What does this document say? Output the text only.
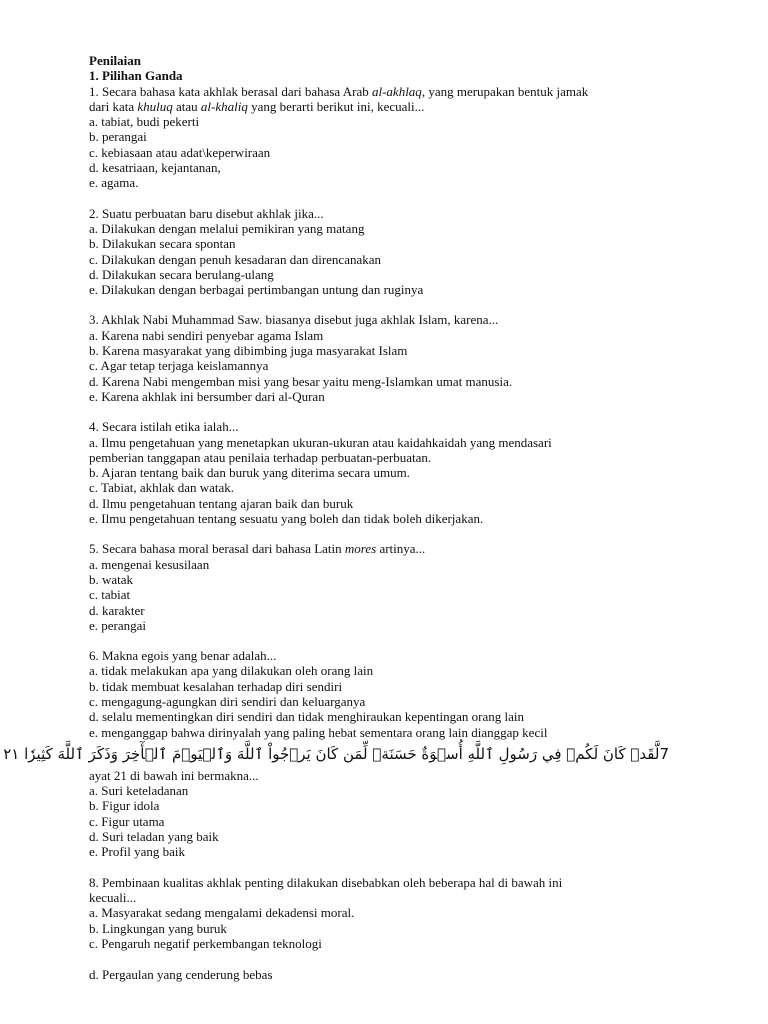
Penilaian
1. Pilihan Ganda
1. Secara bahasa kata akhlak berasal dari bahasa Arab al-akhlaq, yang merupakan bentuk jamak
dari kata khuluq atau al-khaliq yang berarti berikut ini, kecuali...
a. tabiat, budi pekerti
b. perangai
c. kebiasaan atau adat\keperwiraan
d. kesatriaan, kejantanan,
e. agama.
2. Suatu perbuatan baru disebut akhlak jika...
a. Dilakukan dengan melalui pemikiran yang matang
b. Dilakukan secara spontan
c. Dilakukan dengan penuh kesadaran dan direncanakan
d. Dilakukan secara berulang-ulang
e. Dilakukan dengan berbagai pertimbangan untung dan ruginya
3. Akhlak Nabi Muhammad Saw. biasanya disebut juga akhlak Islam, karena...
a. Karena nabi sendiri penyebar agama Islam
b. Karena masyarakat yang dibimbing juga masyarakat Islam
c. Agar tetap terjaga keislamannya
d. Karena Nabi mengemban misi yang besar yaitu meng-Islamkan umat manusia.
e. Karena akhlak ini bersumber dari al-Quran
4. Secara istilah etika ialah...
a. Ilmu pengetahuan yang menetapkan ukuran-ukuran atau kaidahkaidah yang mendasari
pemberian tanggapan atau penilaia terhadap perbuatan-perbuatan.
b. Ajaran tentang baik dan buruk yang diterima secara umum.
c. Tabiat, akhlak dan watak.
d. Ilmu pengetahuan tentang ajaran baik dan buruk
e. Ilmu pengetahuan tentang sesuatu yang boleh dan tidak boleh dikerjakan.
5. Secara bahasa moral berasal dari bahasa Latin mores artinya...
a. mengenai kesusilaan
b. watak
c. tabiat
d. karakter
e. perangai
6. Makna egois yang benar adalah...
a. tidak melakukan apa yang dilakukan oleh orang lain
b. tidak membuat kesalahan terhadap diri sendiri
c. mengagung-agungkan diri sendiri dan keluarganya
d. selalu mementingkan diri sendiri dan tidak menghiraukan kepentingan orang lain
e. menganggap bahwa dirinyalah yang paling hebat sementara orang lain dianggap kecil
7لَّقَدۡ كَانَ لَكُمۡ فِي رَسُولِ ٱللَّهِ أُسۡوَةٌ حَسَنَةٞ لِّمَن كَانَ يَرۡجُواْ ٱللَّهَ وَٱلۡيَوۡمَ ٱلۡأٓخِرَ وَذَكَرَ ٱللَّهَ كَثِيرٗا ٢١
ayat 21 di bawah ini bermakna...
a. Suri keteladanan
b. Figur idola
c. Figur utama
d. Suri teladan yang baik
e. Profil yang baik
8. Pembinaan kualitas akhlak penting dilakukan disebabkan oleh beberapa hal di bawah ini
kecuali...
a. Masyarakat sedang mengalami dekadensi moral.
b. Lingkungan yang buruk
c. Pengaruh negatif perkembangan teknologi
d. Pergaulan yang cenderung bebas
